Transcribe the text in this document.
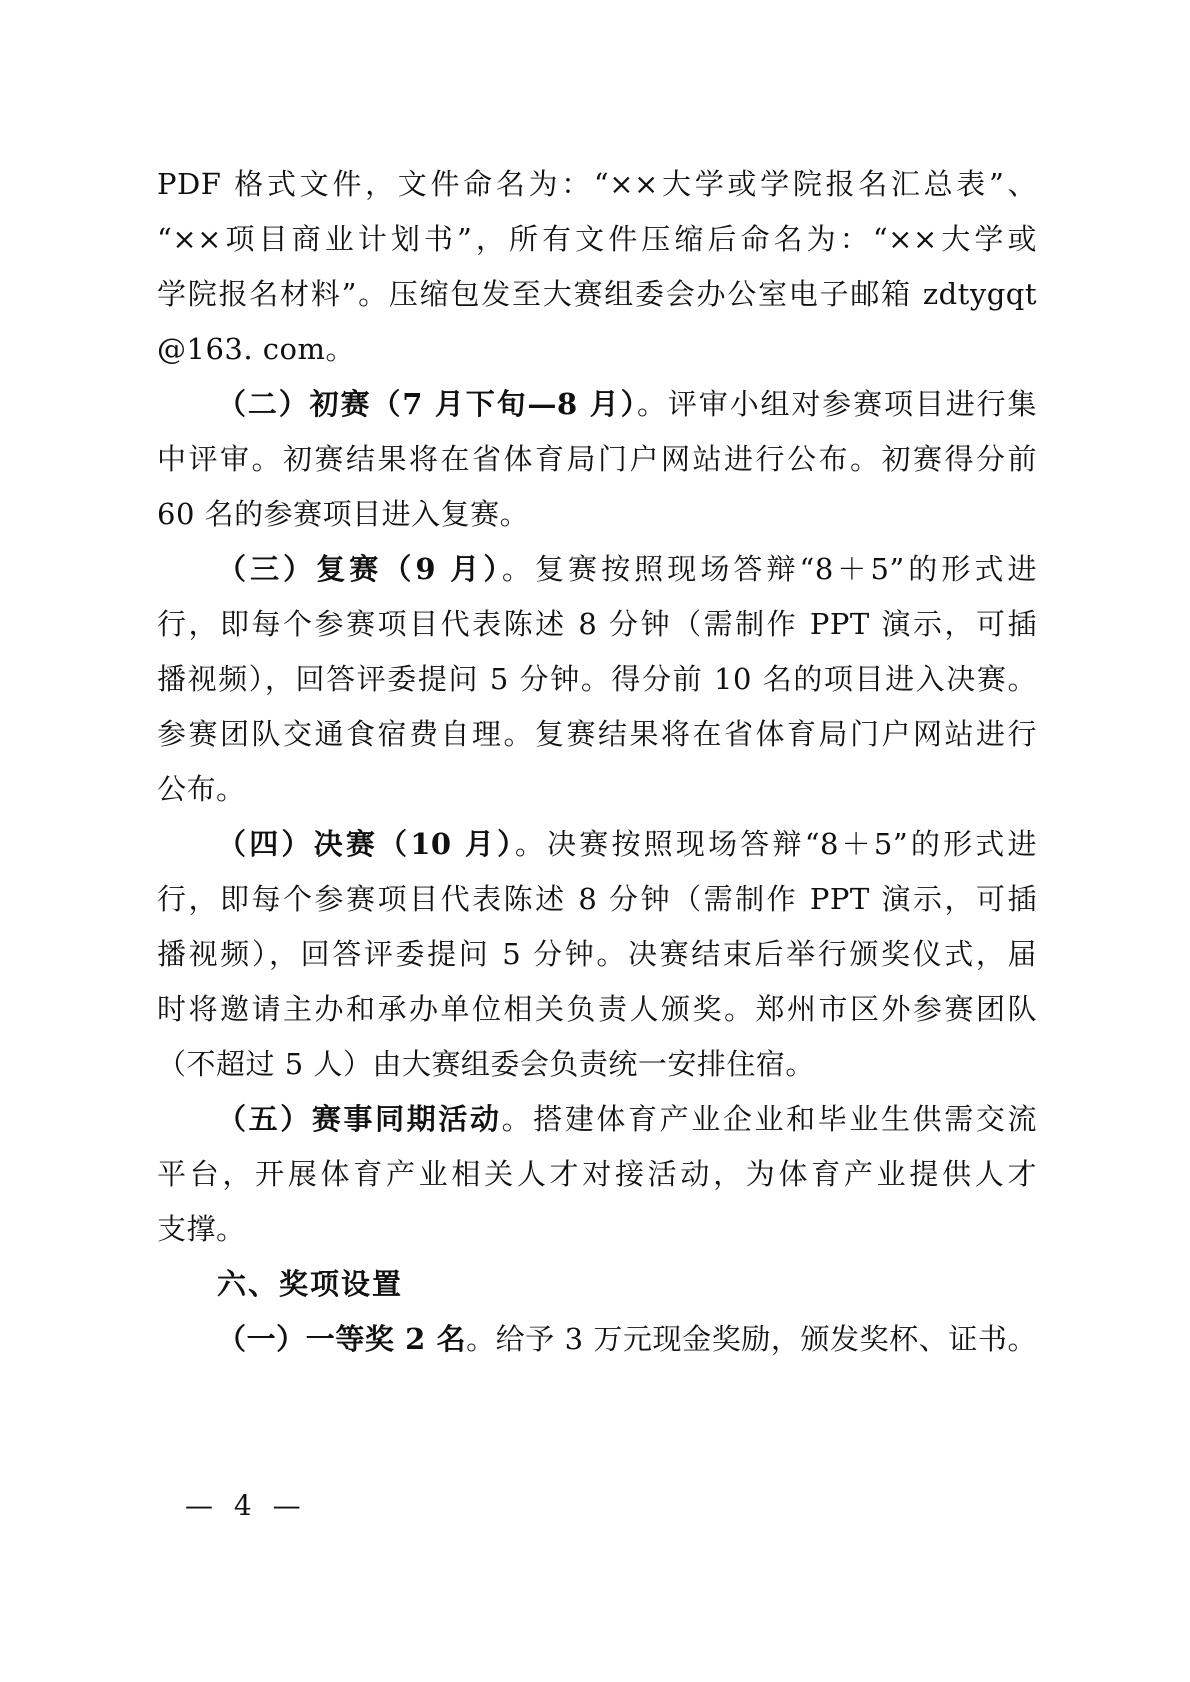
PDF 格式文件，文件命名为：“××大学或学院报名汇总表”、
“××项目商业计划书”，所有文件压缩后命名为：“××大学或
学院报名材料”。压缩包发至大赛组委会办公室电子邮箱 zdtygqt
@163. com。
（二）初赛（7 月下旬—8 月）。评审小组对参赛项目进行集
中评审。初赛结果将在省体育局门户网站进行公布。初赛得分前
60 名的参赛项目进入复赛。
（三）复赛（9 月）。复赛按照现场答辩“8＋5”的形式进
行，即每个参赛项目代表陈述 8 分钟（需制作 PPT 演示，可插
播视频），回答评委提问 5 分钟。得分前 10 名的项目进入决赛。
参赛团队交通食宿费自理。复赛结果将在省体育局门户网站进行
公布。
（四）决赛（10 月）。决赛按照现场答辩“8＋5”的形式进
行，即每个参赛项目代表陈述 8 分钟（需制作 PPT 演示，可插
播视频），回答评委提问 5 分钟。决赛结束后举行颁奖仪式，届
时将邀请主办和承办单位相关负责人颁奖。郑州市区外参赛团队
（不超过 5 人）由大赛组委会负责统一安排住宿。
（五）赛事同期活动。搭建体育产业企业和毕业生供需交流
平台，开展体育产业相关人才对接活动，为体育产业提供人才
支撑。
六、奖项设置
（一）一等奖 2 名。给予 3 万元现金奖励，颁发奖杯、证书。
— 4 —
